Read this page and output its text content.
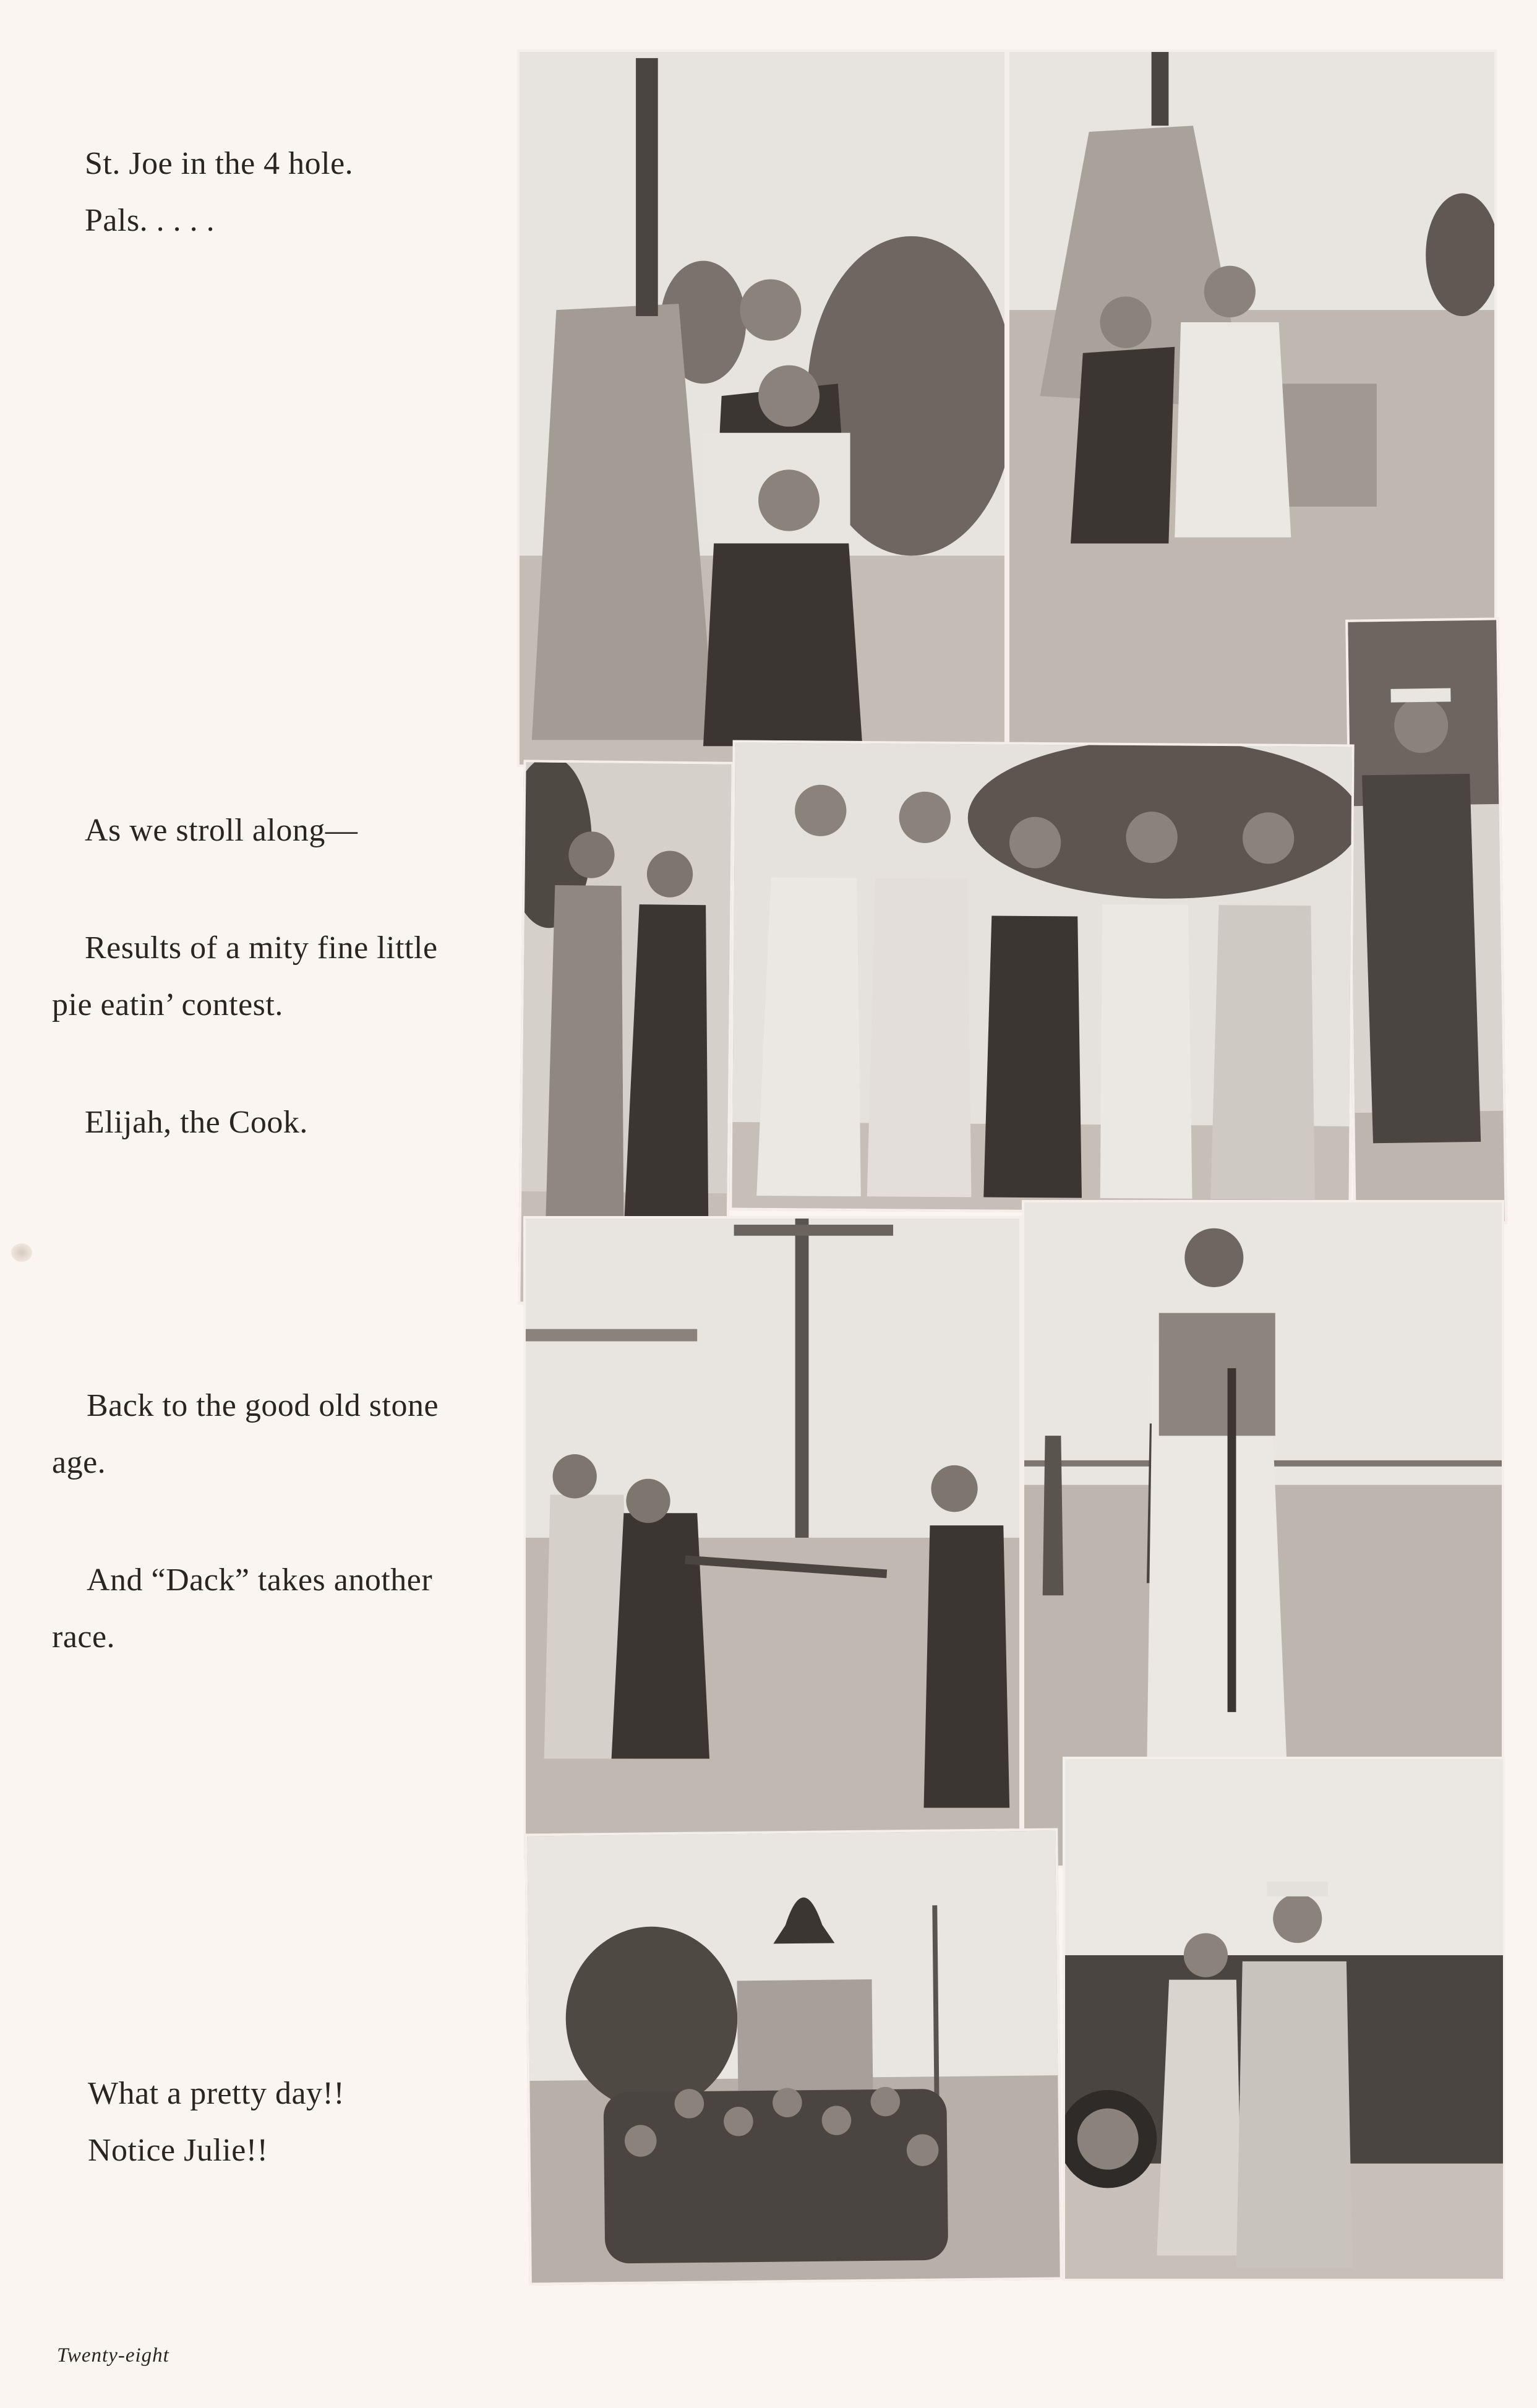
St. Joe in the 4 hole.
Pals. . . . .
As we stroll along—
Results of a mity fine little
pie eatin’ contest.
Elijah, the Cook.
Back to the good old stone
age.
And “Dack” takes another
race.
What a pretty day!!
Notice Julie!!
Twenty-eight
